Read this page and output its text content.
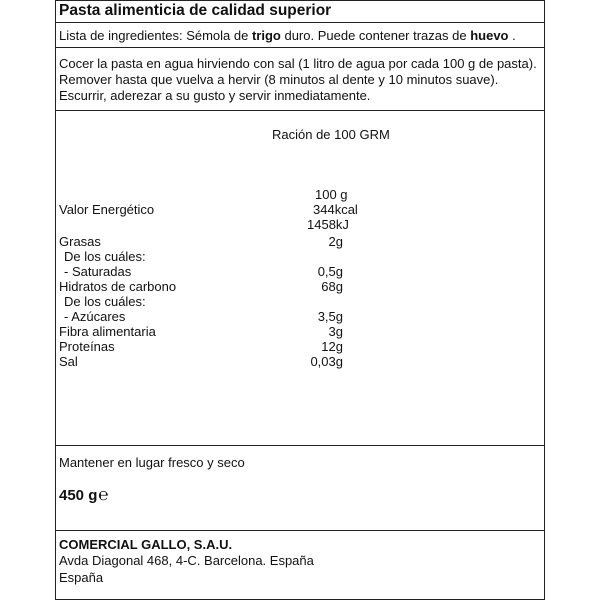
Pasta alimenticia de calidad superior
Lista de ingredientes: Sémola de trigo duro. Puede contener trazas de huevo .
Cocer la pasta en agua hirviendo con sal (1 litro de agua por cada 100 g de pasta).
Remover hasta que vuelva a hervir (8 minutos al dente y 10 minutos suave).
Escurrir, aderezar a su gusto y servir inmediatamente.
Ración de 100 GRM
100 g
Valor Energético	344kcal
1458kJ
Grasas	2g
De los cuáles:
- Saturadas	0,5g
Hidratos de carbono	68g
De los cuáles:
- Azúcares	3,5g
Fibra alimentaria	3g
Proteínas	12g
Sal	0,03g
Mantener en lugar fresco y seco
450 g℮
COMERCIAL GALLO, S.A.U.
Avda Diagonal 468, 4-C. Barcelona. España
España
